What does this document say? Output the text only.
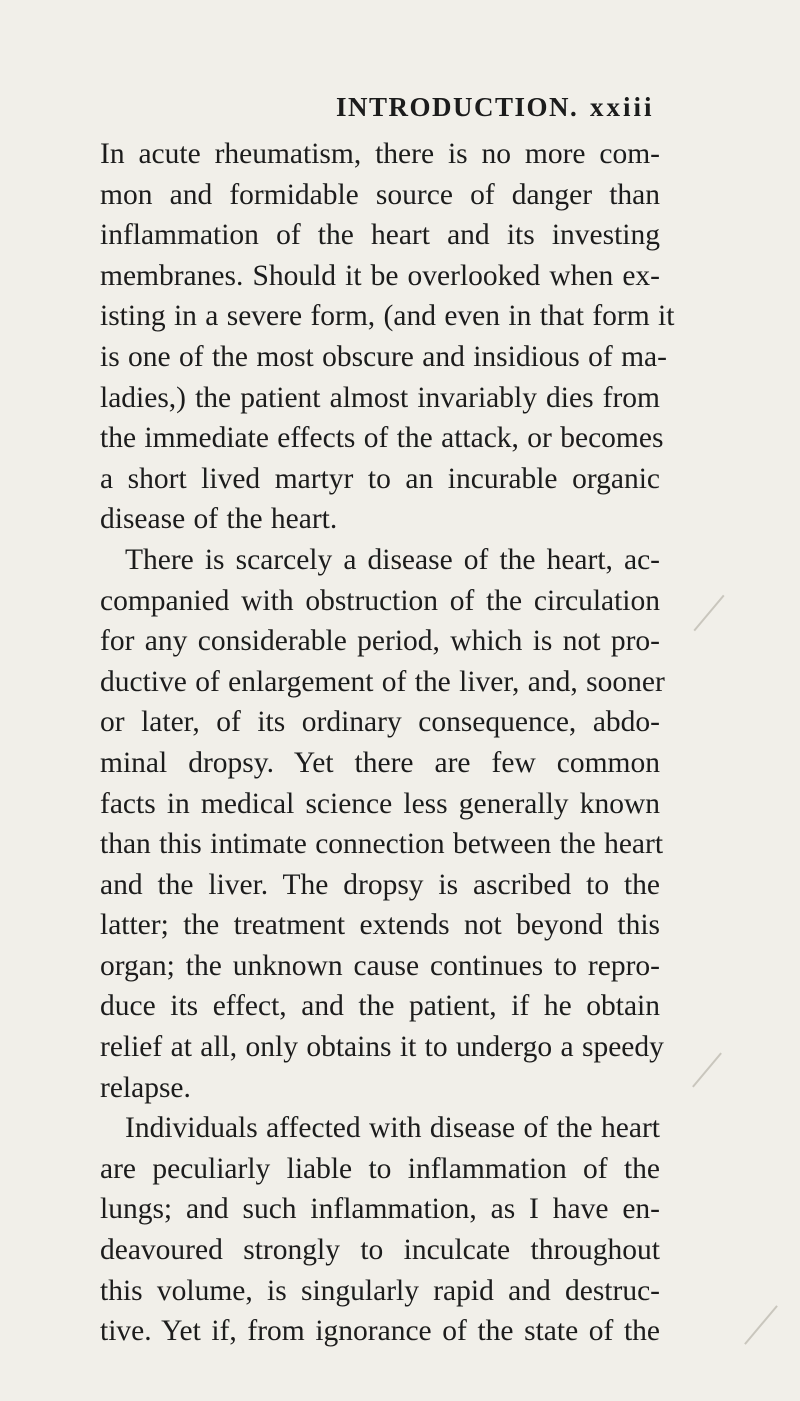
INTRODUCTION. xxiii
In acute rheumatism, there is no more com-
mon and formidable source of danger than
inflammation of the heart and its investing
membranes. Should it be overlooked when ex-
isting in a severe form, (and even in that form it
is one of the most obscure and insidious of ma-
ladies,) the patient almost invariably dies from
the immediate effects of the attack, or becomes
a short lived martyr to an incurable organic
disease of the heart.
There is scarcely a disease of the heart, ac-
companied with obstruction of the circulation
for any considerable period, which is not pro-
ductive of enlargement of the liver, and, sooner
or later, of its ordinary consequence, abdo-
minal dropsy. Yet there are few common
facts in medical science less generally known
than this intimate connection between the heart
and the liver. The dropsy is ascribed to the
latter; the treatment extends not beyond this
organ; the unknown cause continues to repro-
duce its effect, and the patient, if he obtain
relief at all, only obtains it to undergo a speedy
relapse.
Individuals affected with disease of the heart
are peculiarly liable to inflammation of the
lungs; and such inflammation, as I have en-
deavoured strongly to inculcate throughout
this volume, is singularly rapid and destruc-
tive. Yet if, from ignorance of the state of the
